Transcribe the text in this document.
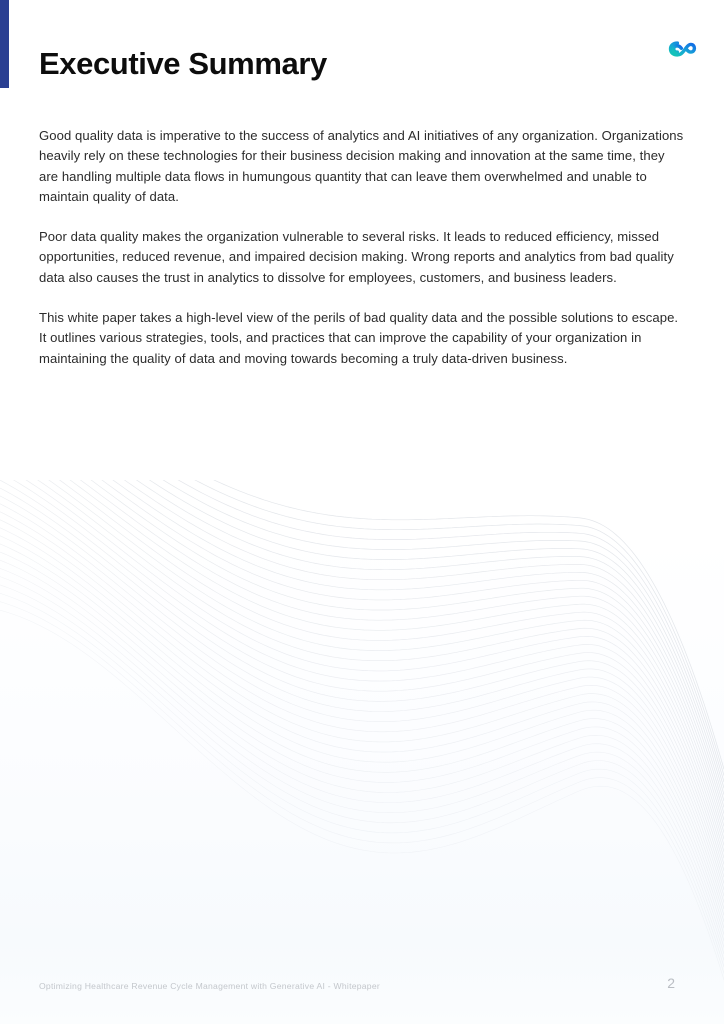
Executive Summary

Good quality data is imperative to the success of analytics and AI initiatives of any organization. Organizations heavily rely on these technologies for their business decision making and innovation at the same time, they are handling multiple data flows in humungous quantity that can leave them overwhelmed and unable to maintain quality of data.

Poor data quality makes the organization vulnerable to several risks. It leads to reduced efficiency, missed opportunities, reduced revenue, and impaired decision making. Wrong reports and analytics from bad quality data also causes the trust in analytics to dissolve for employees, customers, and business leaders.

This white paper takes a high-level view of the perils of bad quality data and the possible solutions to escape. It outlines various strategies, tools, and practices that can improve the capability of your organization in maintaining the quality of data and moving towards becoming a truly data-driven business.

Optimizing Healthcare Revenue Cycle Management with Generative AI - Whitepaper	2
